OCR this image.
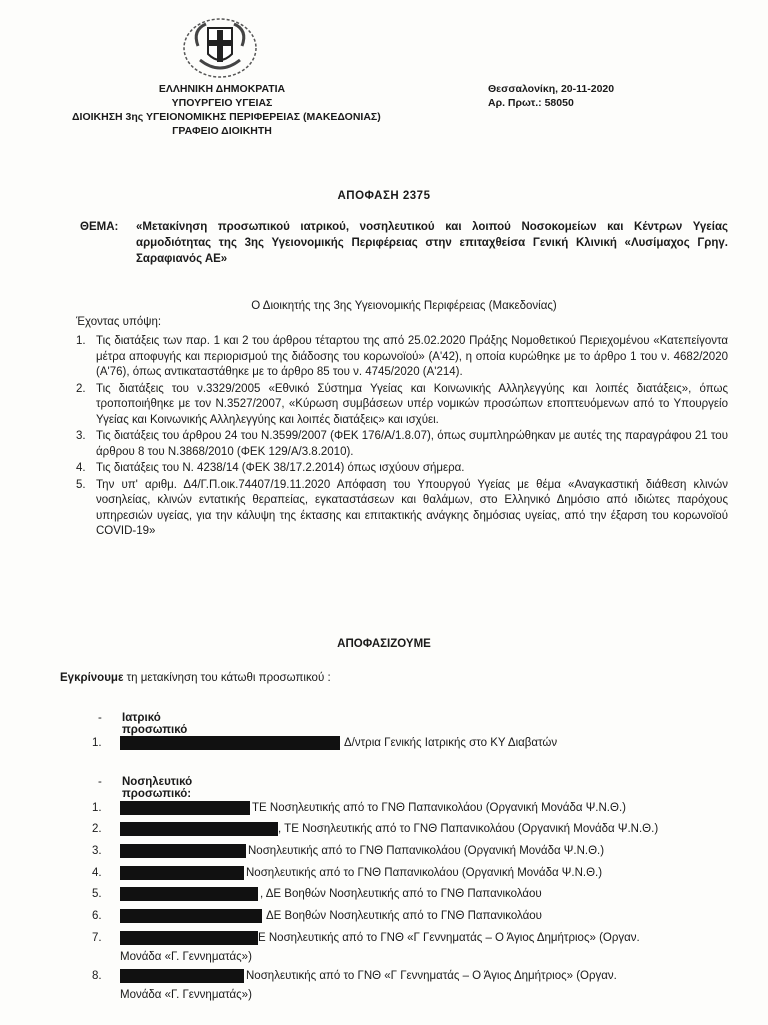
ΕΛΛΗΝΙΚΗ ΔΗΜΟΚΡΑΤΙΑ
ΥΠΟΥΡΓΕΙΟ ΥΓΕΙΑΣ
ΔΙΟΙΚΗΣΗ 3ης ΥΓΕΙΟΝΟΜΙΚΗΣ ΠΕΡΙΦΕΡΕΙΑΣ (ΜΑΚΕΔΟΝΙΑΣ)
ΓΡΑΦΕΙΟ ΔΙΟΙΚΗΤΗ
Θεσσαλονίκη, 20-11-2020
Αρ. Πρωτ.: 58050
ΑΠΟΦΑΣΗ 2375
ΘΕΜΑ: «Μετακίνηση προσωπικού ιατρικού, νοσηλευτικού και λοιπού Νοσοκομείων και Κέντρων Υγείας αρμοδιότητας της 3ης Υγειονομικής Περιφέρειας στην επιταχθείσα Γενική Κλινική «Λυσίμαχος Γρηγ. Σαραφιανός ΑΕ»
Ο Διοικητής της 3ης Υγειονομικής Περιφέρειας (Μακεδονίας)
Έχοντας υπόψη:
1. Τις διατάξεις των παρ. 1 και 2 του άρθρου τέταρτου της από 25.02.2020 Πράξης Νομοθετικού Περιεχομένου «Κατεπείγοντα μέτρα αποφυγής και περιορισμού της διάδοσης του κορωνοϊού» (Α'42), η οποία κυρώθηκε με το άρθρο 1 του ν. 4682/2020 (Α'76), όπως αντικαταστάθηκε με το άρθρο 85 του ν. 4745/2020 (Α'214).
2. Τις διατάξεις του ν.3329/2005 «Εθνικό Σύστημα Υγείας και Κοινωνικής Αλληλεγγύης και λοιπές διατάξεις», όπως τροποποιήθηκε με τον Ν.3527/2007, «Κύρωση συμβάσεων υπέρ νομικών προσώπων εποπτευόμενων από το Υπουργείο Υγείας και Κοινωνικής Αλληλεγγύης και λοιπές διατάξεις» και ισχύει.
3. Τις διατάξεις του άρθρου 24 του Ν.3599/2007 (ΦΕΚ 176/Α/1.8.07), όπως συμπληρώθηκαν με αυτές της παραγράφου 21 του άρθρου 8 του Ν.3868/2010 (ΦΕΚ 129/Α/3.8.2010).
4. Τις διατάξεις του Ν. 4238/14 (ΦΕΚ 38/17.2.2014) όπως ισχύουν σήμερα.
5. Την υπ' αριθμ. Δ4/Γ.Π.οικ.74407/19.11.2020 Απόφαση του Υπουργού Υγείας με θέμα «Αναγκαστική διάθεση κλινών νοσηλείας, κλινών εντατικής θεραπείας, εγκαταστάσεων και θαλάμων, στο Ελληνικό Δημόσιο από ιδιώτες παρόχους υπηρεσιών υγείας, για την κάλυψη της έκτασης και επιτακτικής ανάγκης δημόσιας υγείας, από την έξαρση του κορωνοϊού COVID-19»
ΑΠΟΦΑΣΙΖΟΥΜΕ
Εγκρίνουμε τη μετακίνηση του κάτωθι προσωπικού :
- Ιατρικό προσωπικό
1.	Δ/ντρια Γενικής Ιατρικής στο ΚΥ Διαβατών
- Νοσηλευτικό προσωπικό:
1.	ΤΕ Νοσηλευτικής από το ΓΝΘ Παπανικολάου (Οργανική Μονάδα Ψ.Ν.Θ.)
2.	, ΤΕ Νοσηλευτικής από το ΓΝΘ Παπανικολάου (Οργανική Μονάδα Ψ.Ν.Θ.)
3.	Νοσηλευτικής από το ΓΝΘ Παπανικολάου (Οργανική Μονάδα Ψ.Ν.Θ.)
4.	Νοσηλευτικής από το ΓΝΘ Παπανικολάου (Οργανική Μονάδα Ψ.Ν.Θ.)
5.	, ΔΕ Βοηθών Νοσηλευτικής από το ΓΝΘ Παπανικολάου
6.	ΔΕ Βοηθών Νοσηλευτικής από το ΓΝΘ Παπανικολάου
7.	Ε Νοσηλευτικής από το ΓΝΘ «Γ Γεννηματάς – Ο Άγιος Δημήτριος» (Οργαν.
Μονάδα «Γ. Γεννηματάς»)
8.	Νοσηλευτικής από το ΓΝΘ «Γ Γεννηματάς – Ο Άγιος Δημήτριος» (Οργαν.
Μονάδα «Γ. Γεννηματάς»)
